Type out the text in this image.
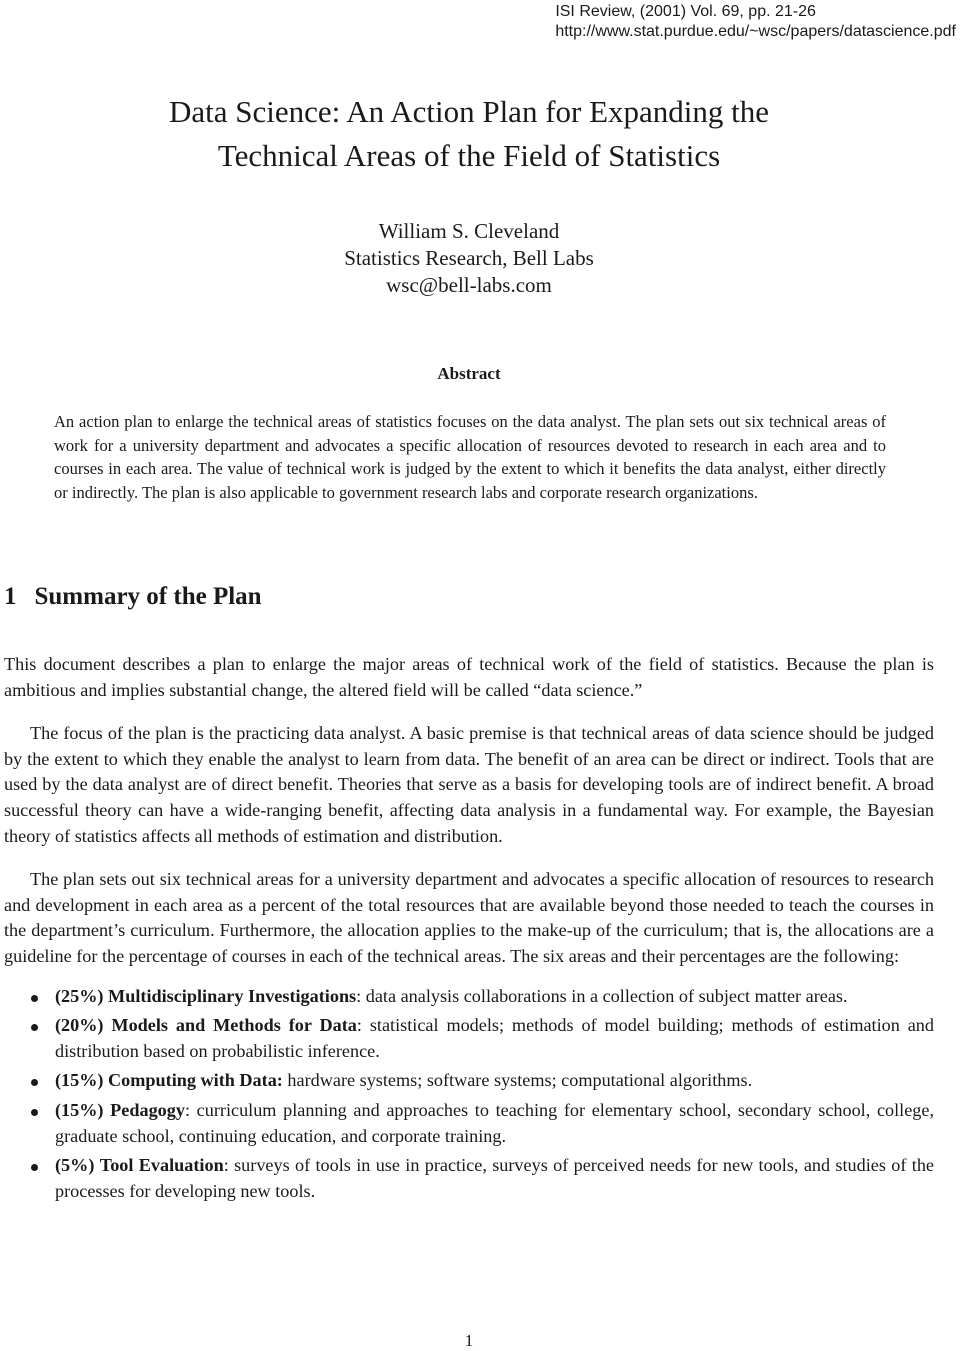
ISI Review, (2001) Vol. 69, pp. 21-26
http://www.stat.purdue.edu/~wsc/papers/datascience.pdf
Data Science: An Action Plan for Expanding the
Technical Areas of the Field of Statistics
William S. Cleveland
Statistics Research, Bell Labs
wsc@bell-labs.com
Abstract
An action plan to enlarge the technical areas of statistics focuses on the data analyst. The plan sets out six technical areas of work for a university department and advocates a specific allocation of resources devoted to research in each area and to courses in each area. The value of technical work is judged by the extent to which it benefits the data analyst, either directly or indirectly. The plan is also applicable to government research labs and corporate research organizations.
1 Summary of the Plan

This document describes a plan to enlarge the major areas of technical work of the field of statistics. Because the plan is ambitious and implies substantial change, the altered field will be called “data science.”

The focus of the plan is the practicing data analyst. A basic premise is that technical areas of data science should be judged by the extent to which they enable the analyst to learn from data. The benefit of an area can be direct or indirect. Tools that are used by the data analyst are of direct benefit. Theories that serve as a basis for developing tools are of indirect benefit. A broad successful theory can have a wide-ranging benefit, affecting data analysis in a fundamental way. For example, the Bayesian theory of statistics affects all methods of estimation and distribution.

The plan sets out six technical areas for a university department and advocates a specific allocation of resources to research and development in each area as a percent of the total resources that are available beyond those needed to teach the courses in the department’s curriculum. Furthermore, the allocation applies to the make-up of the curriculum; that is, the allocations are a guideline for the percentage of courses in each of the technical areas. The six areas and their percentages are the following:

(25%) Multidisciplinary Investigations: data analysis collaborations in a collection of subject matter areas.
(20%) Models and Methods for Data: statistical models; methods of model building; methods of estimation and distribution based on probabilistic inference.
(15%) Computing with Data: hardware systems; software systems; computational algorithms.
(15%) Pedagogy: curriculum planning and approaches to teaching for elementary school, secondary school, college, graduate school, continuing education, and corporate training.
(5%) Tool Evaluation: surveys of tools in use in practice, surveys of perceived needs for new tools, and studies of the processes for developing new tools.
1
